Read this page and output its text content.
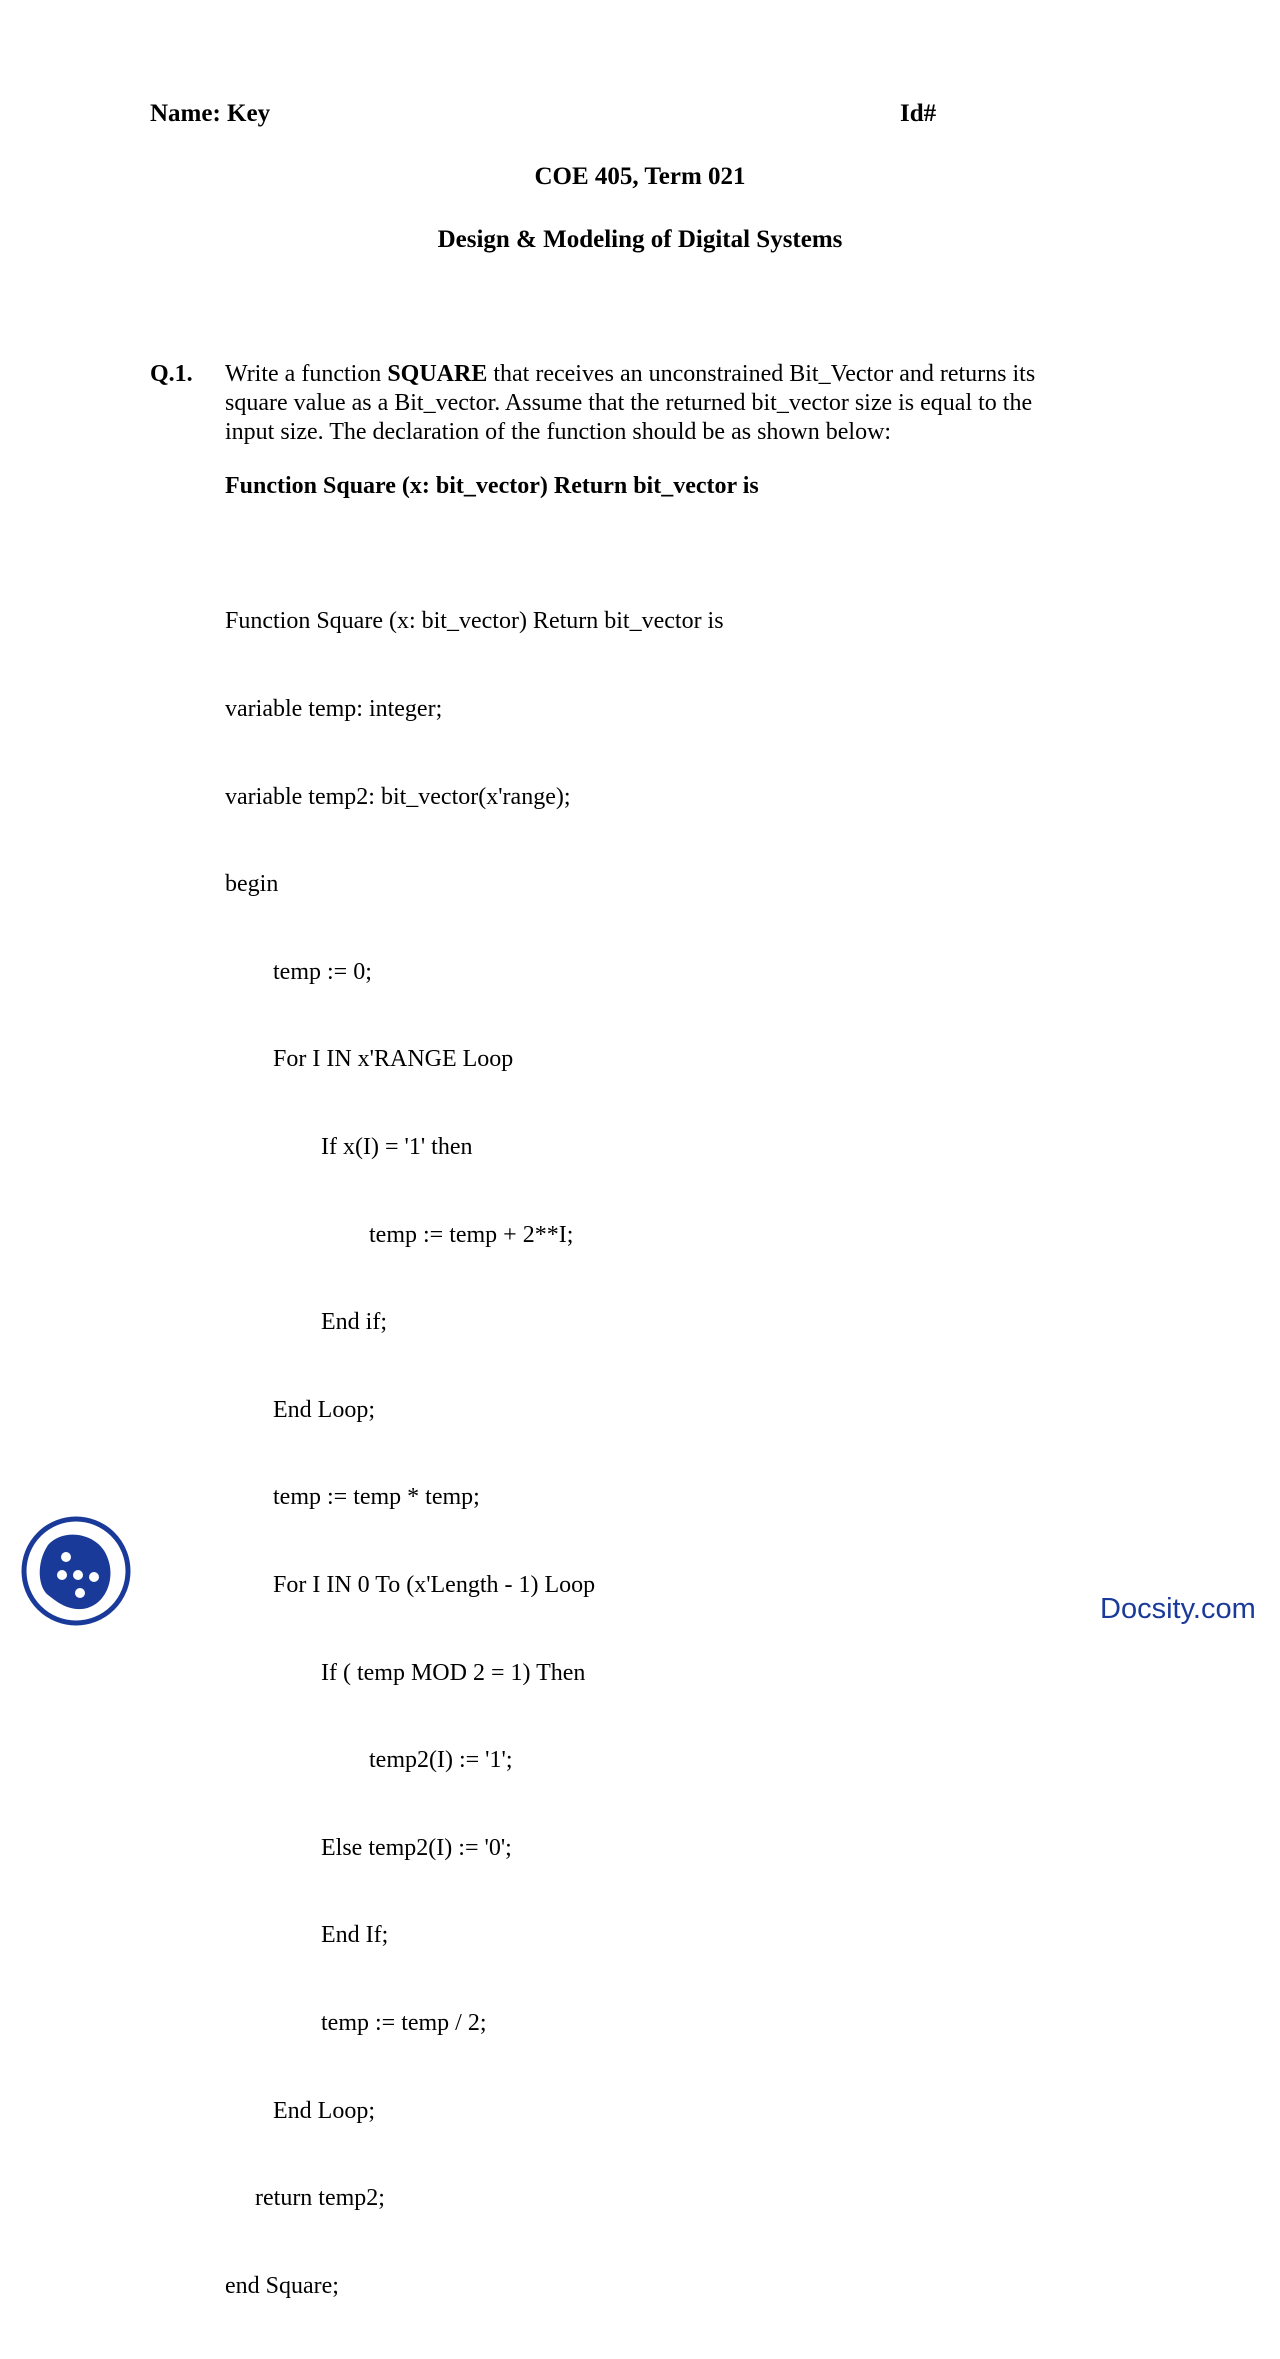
Name: Key	Id#
COE 405, Term 021
Design & Modeling of Digital Systems
Q.1. Write a function SQUARE that receives an unconstrained Bit_Vector and returns its square value as a Bit_vector. Assume that the returned bit_vector size is equal to the input size. The declaration of the function should be as shown below:

Function Square (x: bit_vector) Return bit_vector is

Function Square (x: bit_vector) Return bit_vector is

variable temp: integer;

variable temp2: bit_vector(x'range);

begin

temp := 0;

For I IN x'RANGE Loop

If x(I) = '1' then

temp := temp + 2**I;

End if;

End Loop;

temp := temp * temp;

For I IN 0 To (x'Length - 1) Loop

If ( temp MOD 2 = 1) Then

temp2(I) := '1';

Else temp2(I) := '0';

End If;

temp := temp / 2;

End Loop;

return temp2;

end Square;

Docsity.com
